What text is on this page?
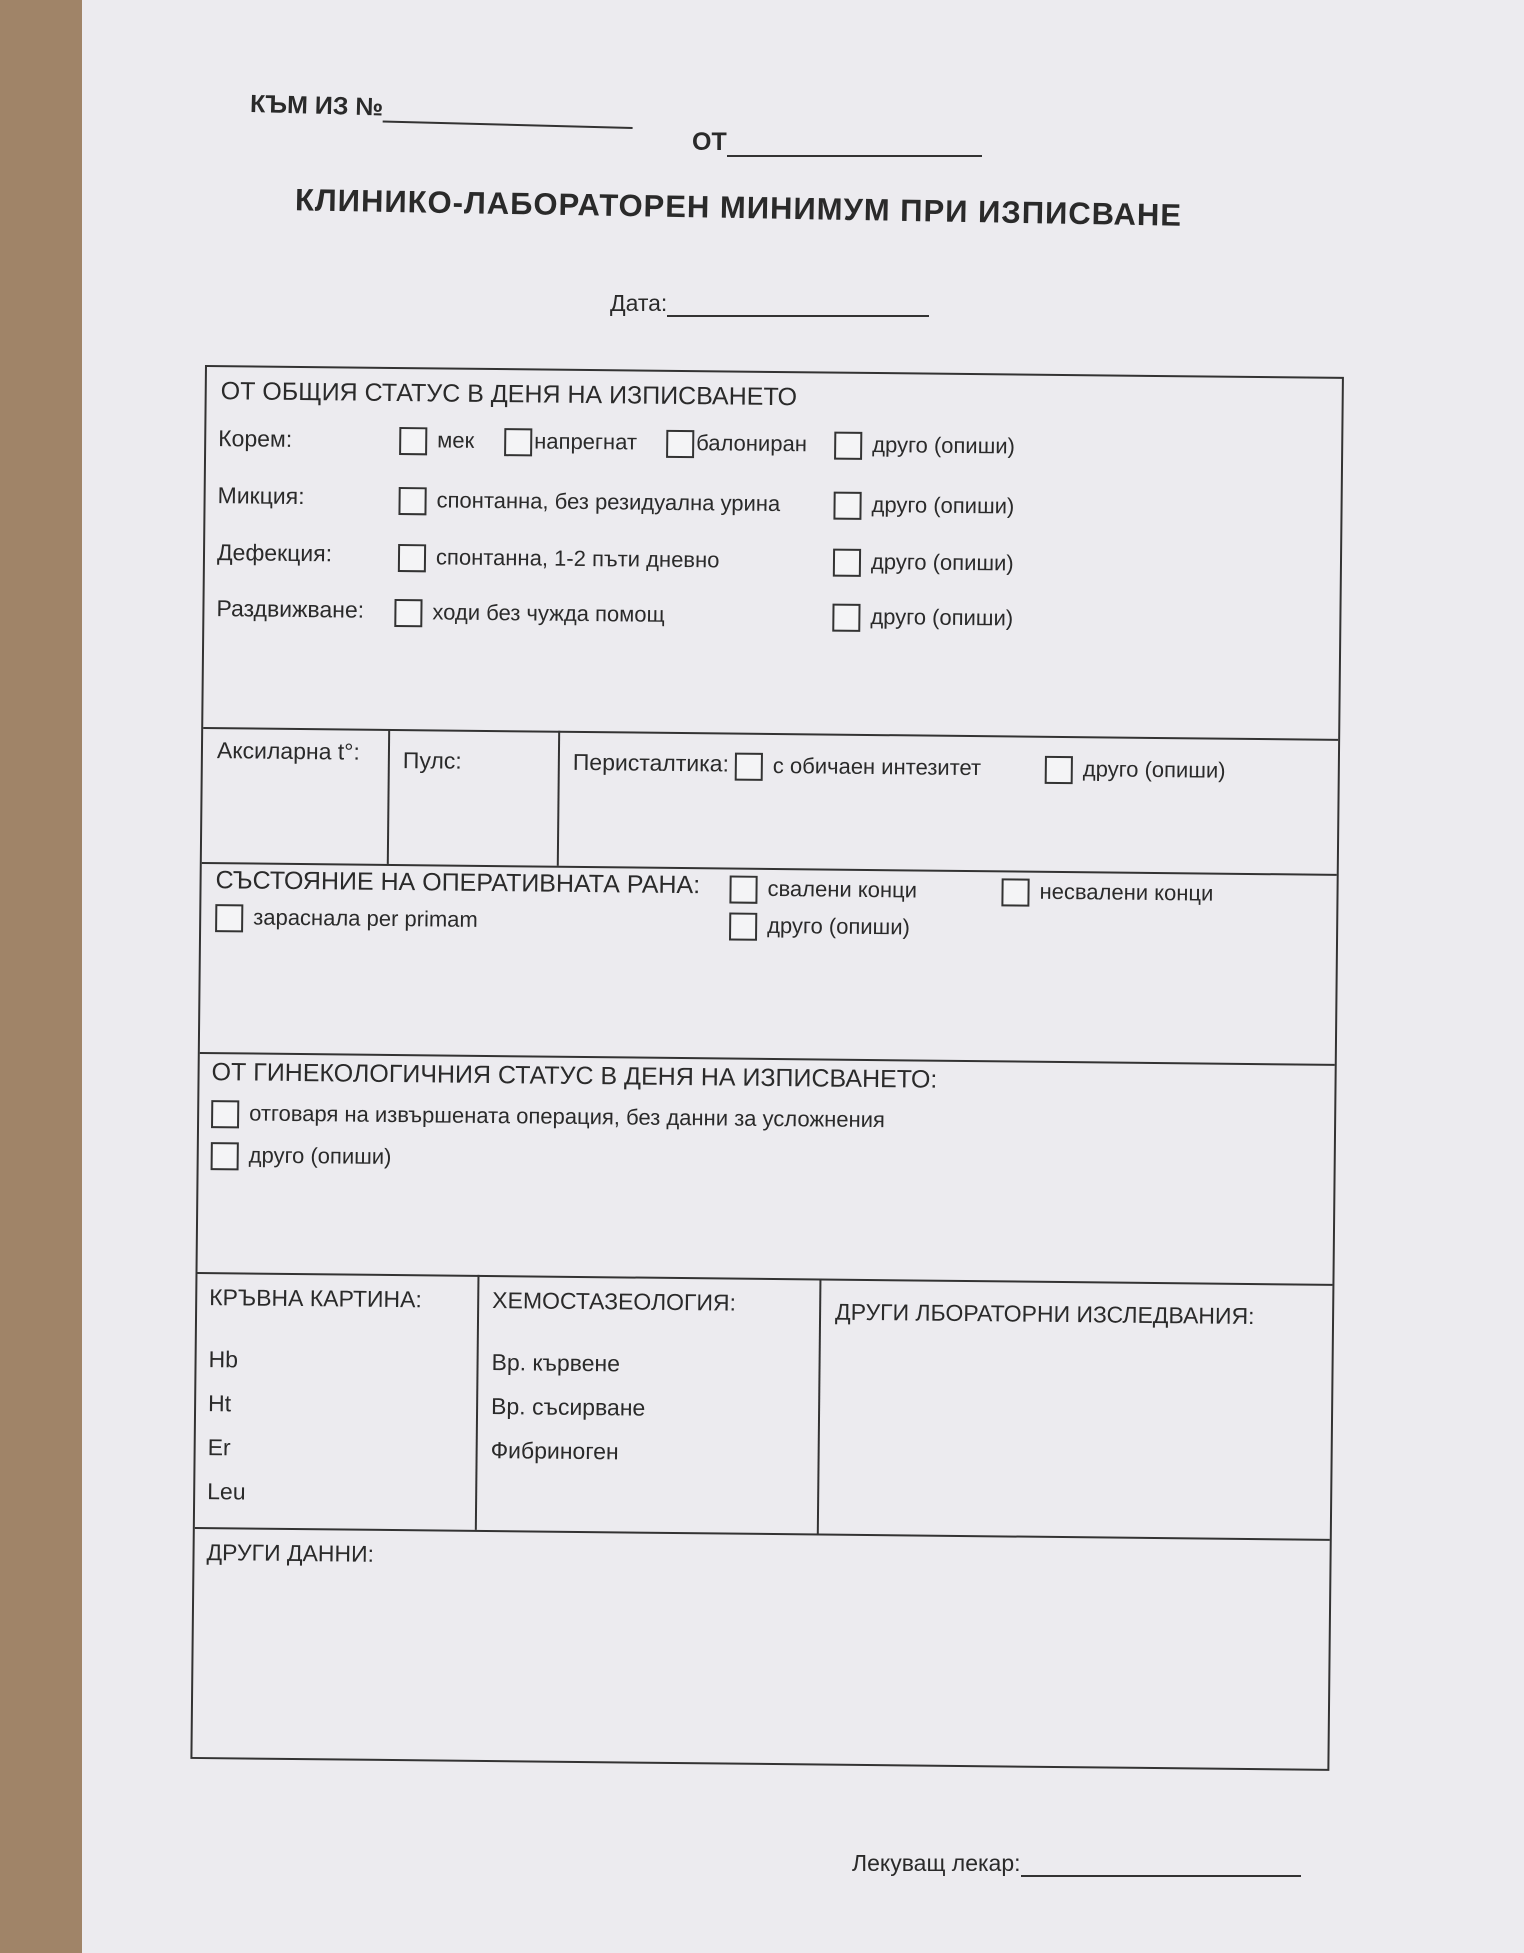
КЪМ ИЗ №
ОТ
КЛИНИКО-ЛАБОРАТОРЕН МИНИМУМ ПРИ ИЗПИСВАНЕ
Дата:
ОТ ОБЩИЯ СТАТУС В ДЕНЯ НА ИЗПИСВАНЕТО
Корем:	мек	напрегнат	балониран	друго (опиши)
Микция:	спонтанна, без резидуална урина	друго (опиши)
Дефекция:	спонтанна, 1-2 пъти дневно	друго (опиши)
Раздвижване:	ходи без чужда помощ	друго (опиши)
Аксиларна t°: Пулс:	Перисталтика:	с обичаен интезитет	друго (опиши)
СЪСТОЯНИЕ НА ОПЕРАТИВНАТА РАНА:	свалени конци	несвалени конци
зараснала per primam	друго (опиши)
ОТ ГИНЕКОЛОГИЧНИЯ СТАТУС В ДЕНЯ НА ИЗПИСВАНЕТО:
отговаря на извършената операция, без данни за усложнения
друго (опиши)
КРЪВНА КАРТИНА:
Hb
Ht
Er
Leu
ХЕМОСТАЗЕОЛОГИЯ:
Вр. кървене
Вр. съсирване
Фибриноген
ДРУГИ ЛБОРАТОРНИ ИЗСЛЕДВАНИЯ:
ДРУГИ ДАННИ:
Лекуващ лекар:
